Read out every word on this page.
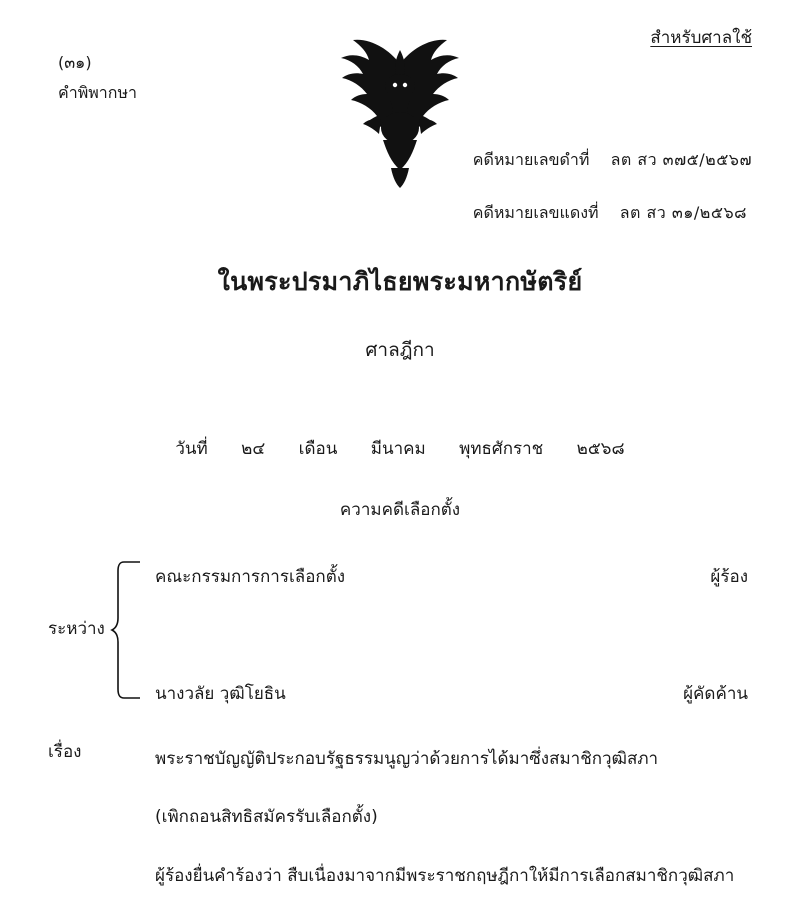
สำหรับศาลใช้
(๓๑)
คำพิพากษา
คดีหมายเลขดำที่ ลต สว ๓๗๕/๒๕๖๗
คดีหมายเลขแดงที่ ลต สว ๓๑/๒๕๖๘
ในพระปรมาภิไธยพระมหากษัตริย์
ศาลฎีกา
วันที่ ๒๔ เดือน มีนาคม พุทธศักราช ๒๕๖๘
ความคดีเลือกตั้ง
ระหว่าง
คณะกรรมการการเลือกตั้ง	ผู้ร้อง
นางวลัย วุฒิโยธิน	ผู้คัดค้าน
เรื่อง	พระราชบัญญัติประกอบรัฐธรรมนูญว่าด้วยการได้มาซึ่งสมาชิกวุฒิสภา
(เพิกถอนสิทธิสมัครรับเลือกตั้ง)
ผู้ร้องยื่นคำร้องว่า สืบเนื่องมาจากมีพระราชกฤษฎีกาให้มีการเลือกสมาชิกวุฒิสภา
